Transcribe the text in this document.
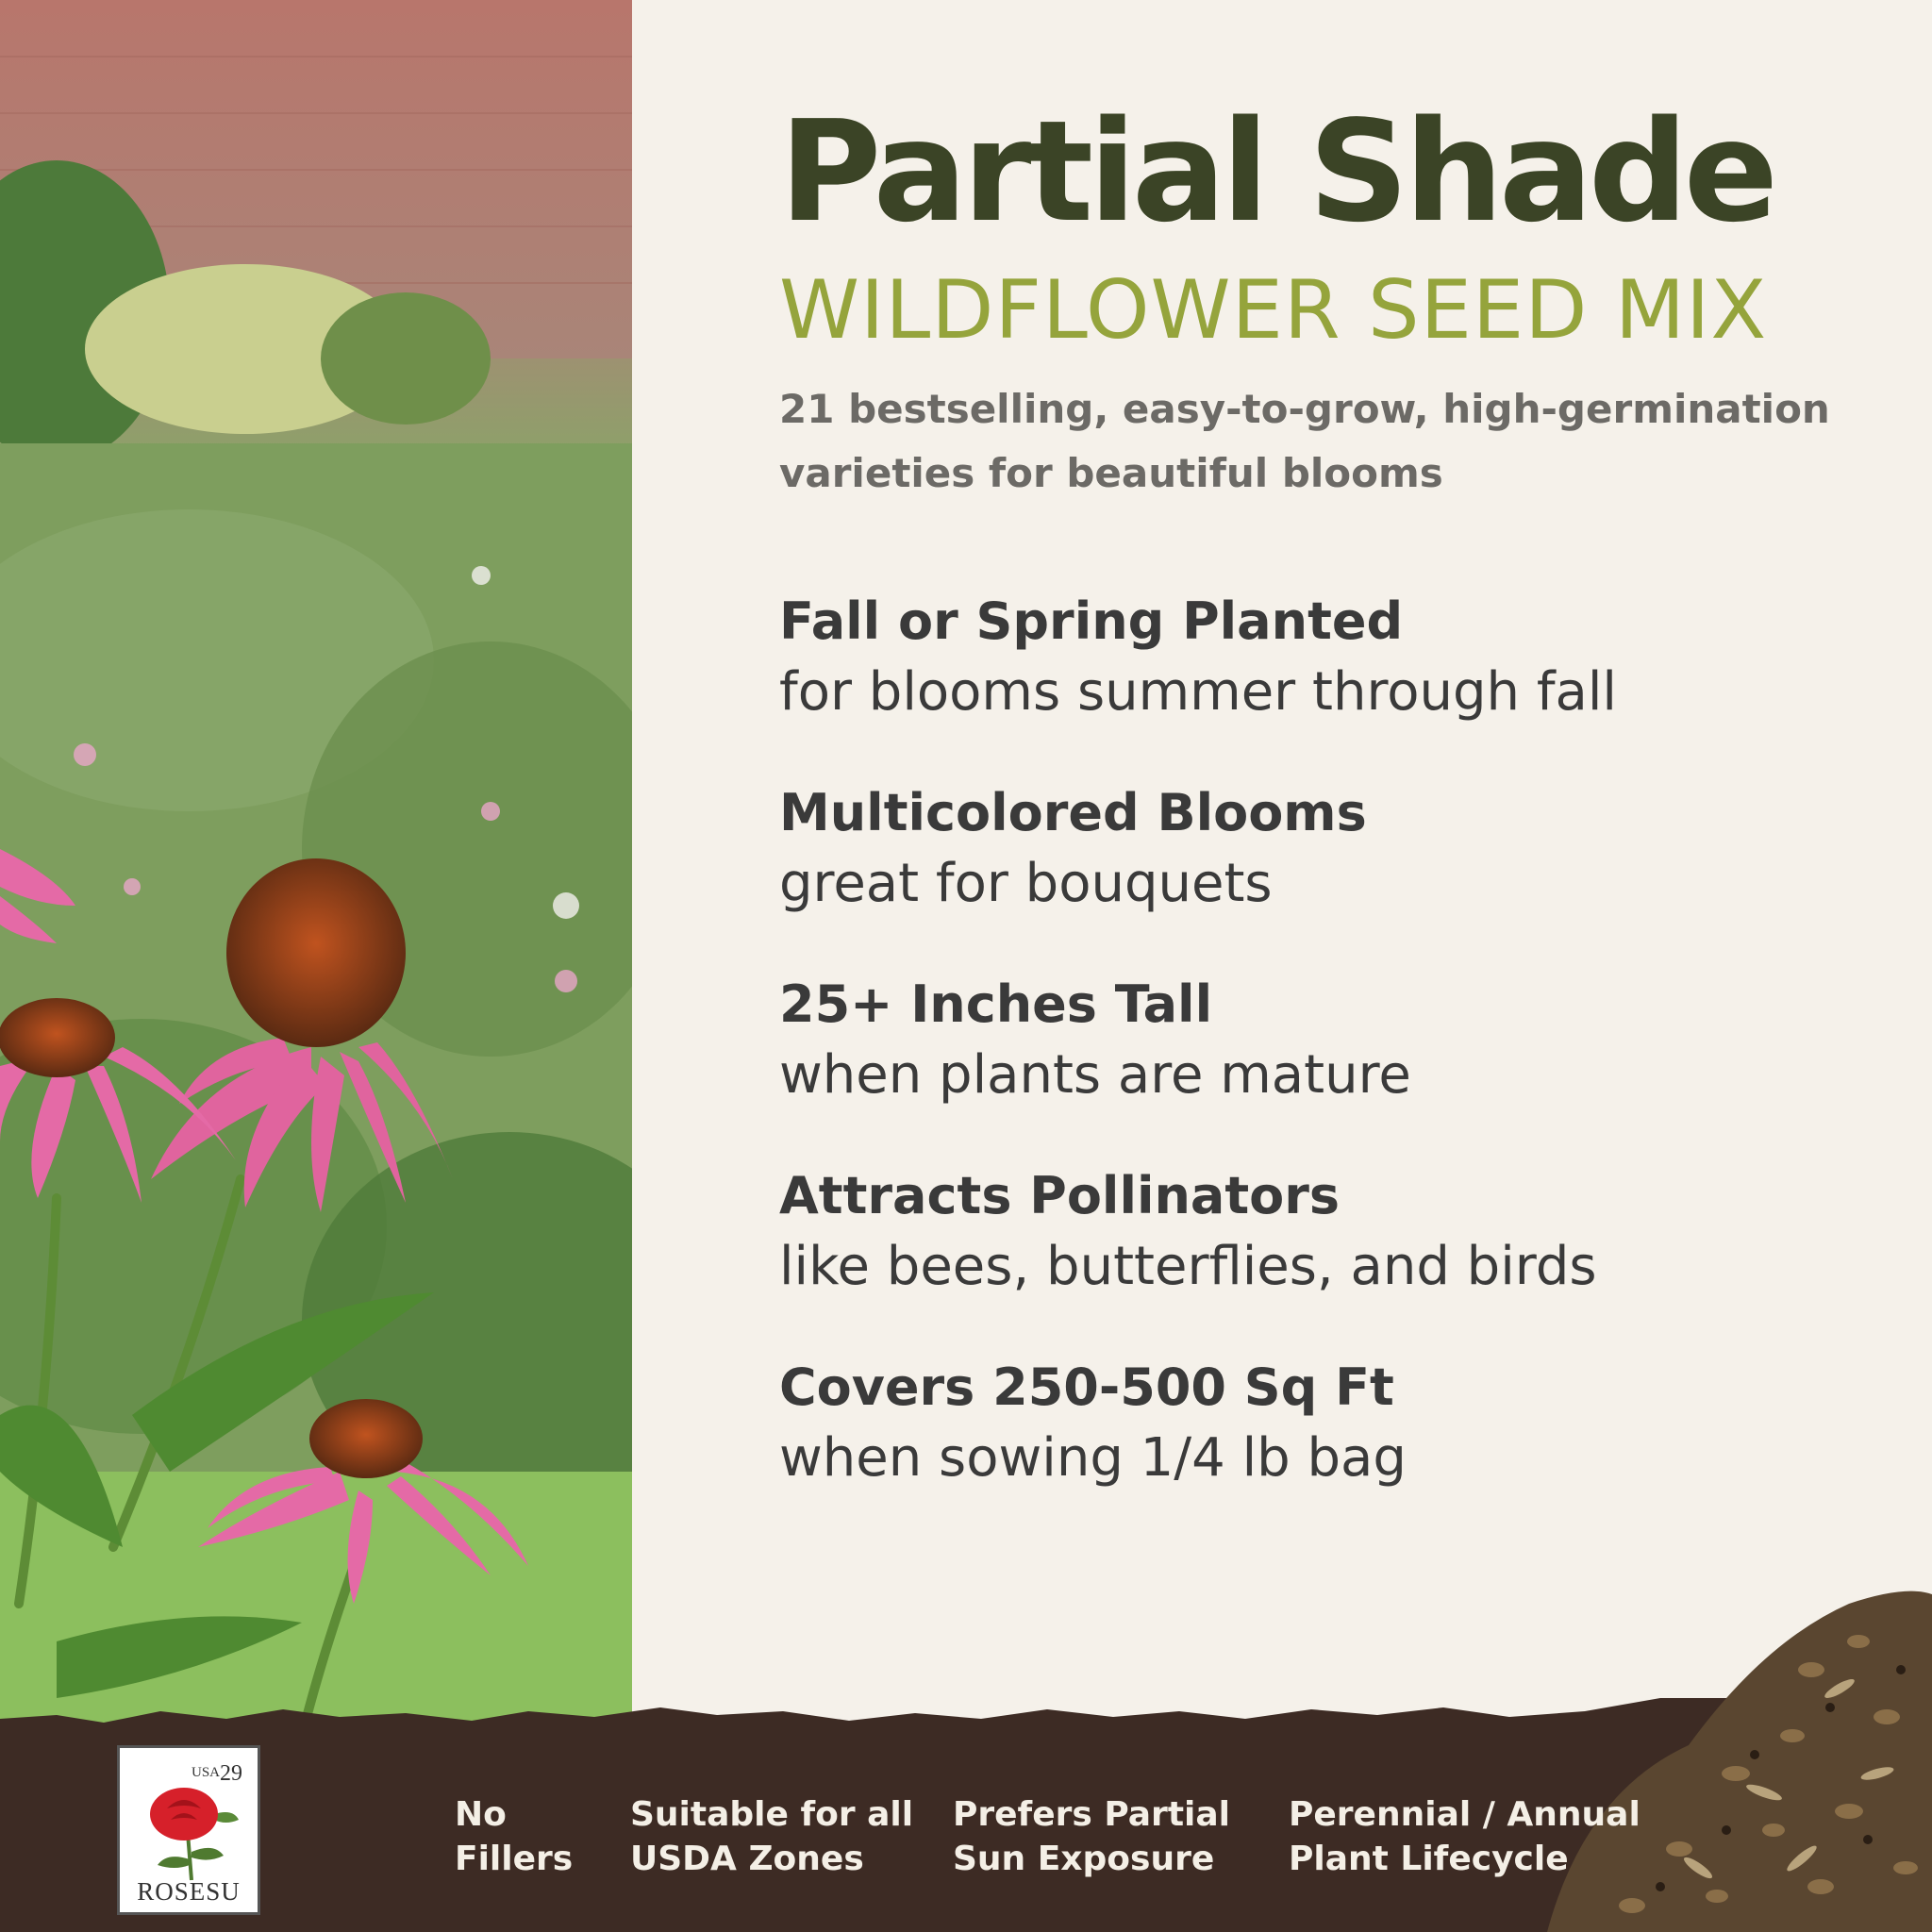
Partial Shade
WILDFLOWER SEED MIX

21 bestselling, easy-to-grow, high-germination varieties for beautiful blooms

Fall or Spring Planted
for blooms summer through fall
Multicolored Blooms
great for bouquets
25+ Inches Tall
when plants are mature
Attracts Pollinators
like bees, butterflies, and birds
Covers 250-500 Sq Ft
when sowing 1/4 lb bag
USA29
ROSESU
No
Fillers
Suitable for all
USDA Zones
Prefers Partial
Sun Exposure
Perennial / Annual
Plant Lifecycle
